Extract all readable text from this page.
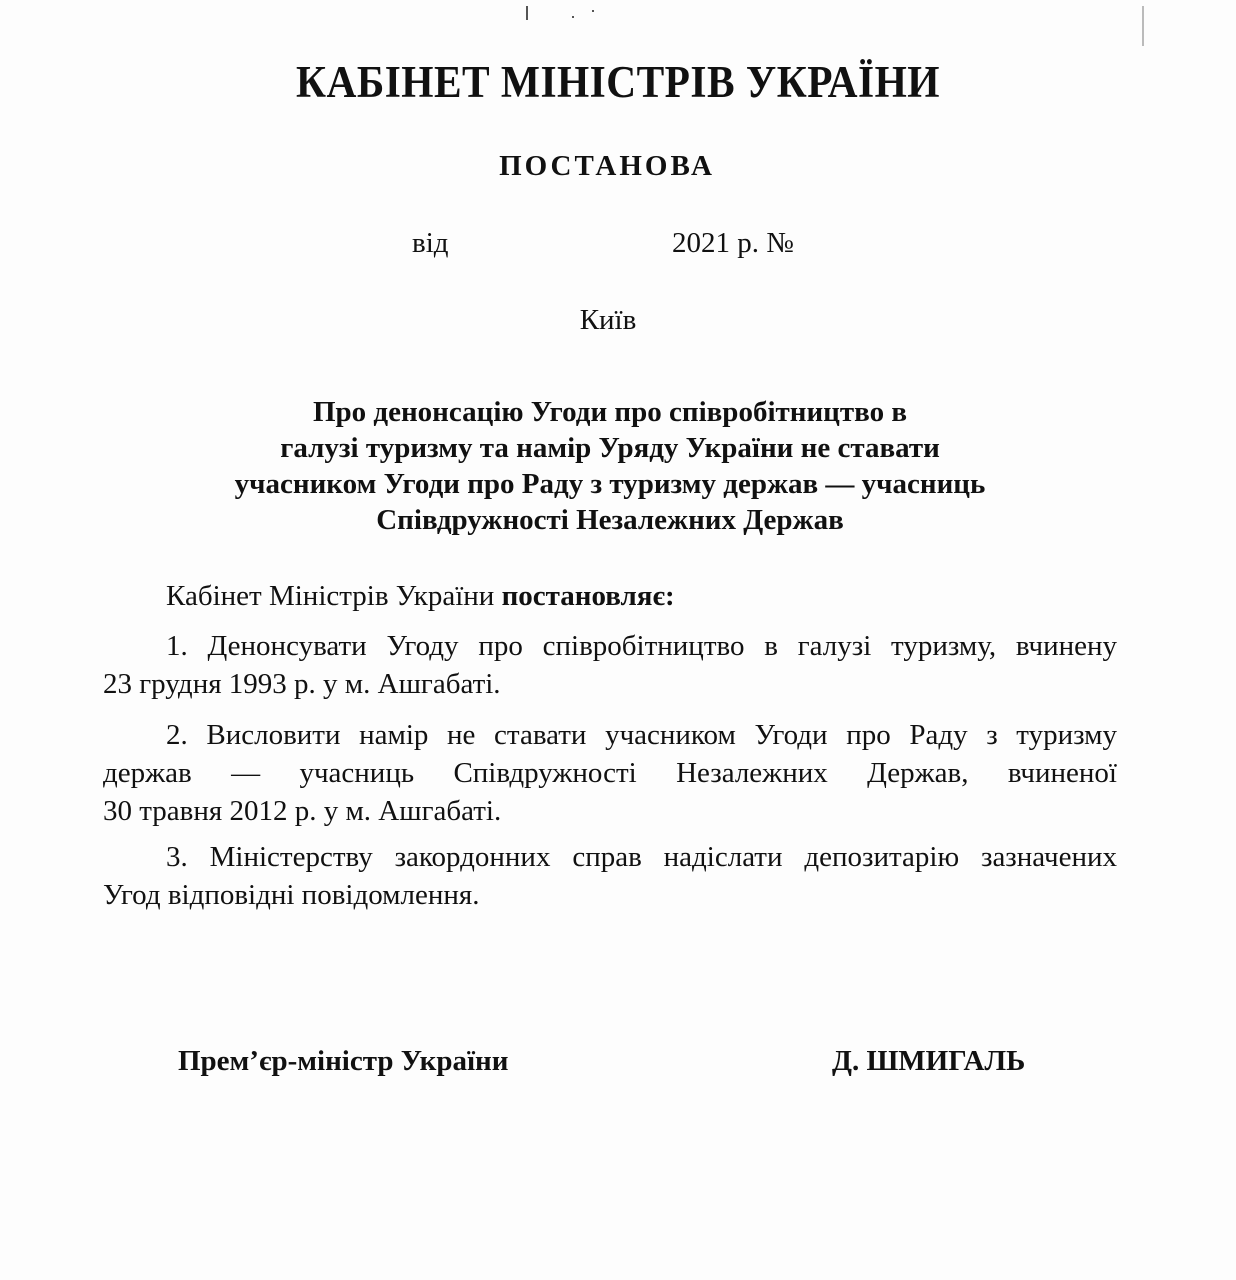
КАБІНЕТ МІНІСТРІВ УКРАЇНИ
ПОСТАНОВА
від	2021 р. №
Київ
Про денонсацію Угоди про співробітництво в
галузі туризму та намір Уряду України не ставати
учасником Угоди про Раду з туризму держав — учасниць
Співдружності Незалежних Держав
Кабінет Міністрів України постановляє:
1. Денонсувати Угоду про співробітництво в галузі туризму, вчинену
23 грудня 1993 р. у м. Ашгабаті.
2. Висловити намір не ставати учасником Угоди про Раду з туризму
держав — учасниць Співдружності Незалежних Держав, вчиненої
30 травня 2012 р. у м. Ашгабаті.
3. Міністерству закордонних справ надіслати депозитарію зазначених
Угод відповідні повідомлення.
Прем’єр-міністр України	Д. ШМИГАЛЬ
